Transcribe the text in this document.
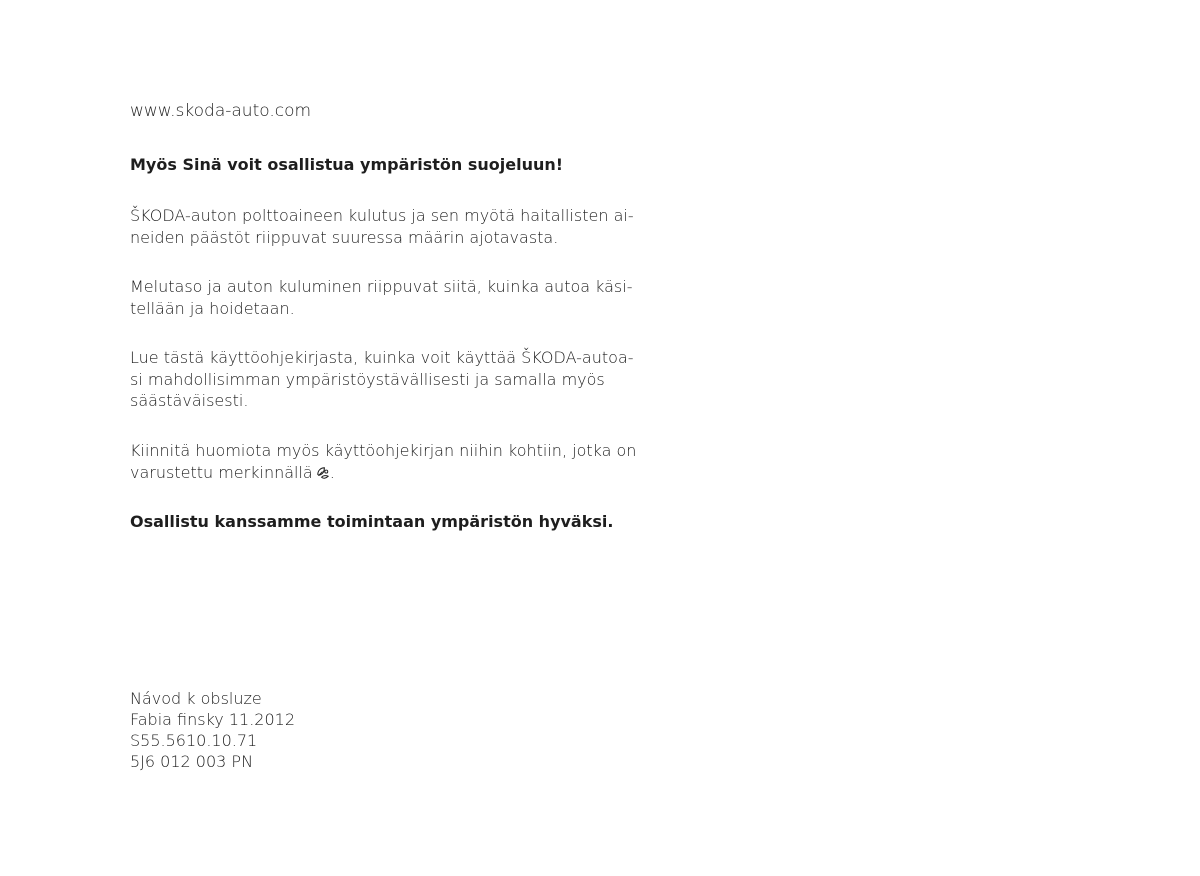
www.skoda-auto.com
Myös Sinä voit osallistua ympäristön suojeluun!
ŠKODA-auton polttoaineen kulutus ja sen myötä haitallisten ai-
neiden päästöt riippuvat suuressa määrin ajotavasta.
Melutaso ja auton kuluminen riippuvat siitä, kuinka autoa käsi-
tellään ja hoidetaan.
Lue tästä käyttöohjekirjasta, kuinka voit käyttää ŠKODA-autoa-
si mahdollisimman ympäristöystävällisesti ja samalla myös
säästäväisesti.
Kiinnitä huomiota myös käyttöohjekirjan niihin kohtiin, jotka on
varustettu merkinnällä .
Osallistu kanssamme toimintaan ympäristön hyväksi.
Návod k obsluze
Fabia finsky 11.2012
S55.5610.10.71
5J6 012 003 PN
